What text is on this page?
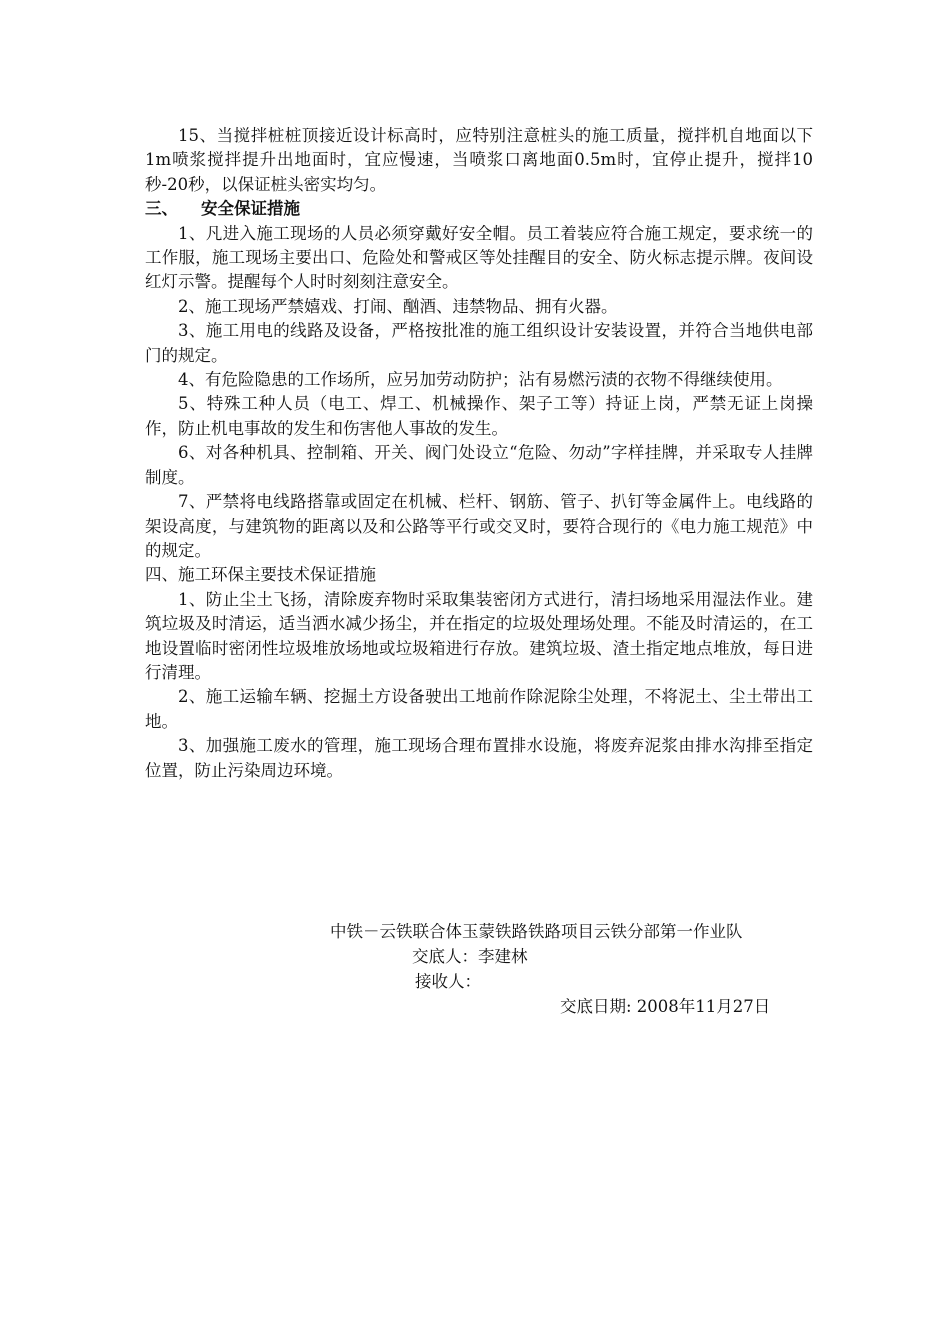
15、当搅拌桩桩顶接近设计标高时，应特别注意桩头的施工质量，搅拌机自地面以下1m喷浆搅拌提升出地面时，宜应慢速，当喷浆口离地面0.5m时，宜停止提升，搅拌10秒-20秒，以保证桩头密实均匀。

三、 安全保证措施

1、凡进入施工现场的人员必须穿戴好安全帽。员工着装应符合施工规定，要求统一的工作服，施工现场主要出口、危险处和警戒区等处挂醒目的安全、防火标志提示牌。夜间设红灯示警。提醒每个人时时刻刻注意安全。

2、施工现场严禁嬉戏、打闹、酗酒、违禁物品、拥有火器。

3、施工用电的线路及设备，严格按批准的施工组织设计安装设置，并符合当地供电部门的规定。

4、有危险隐患的工作场所，应另加劳动防护；沾有易燃污渍的衣物不得继续使用。

5、特殊工种人员（电工、焊工、机械操作、架子工等）持证上岗，严禁无证上岗操作，防止机电事故的发生和伤害他人事故的发生。

6、对各种机具、控制箱、开关、阀门处设立“危险、勿动”字样挂牌，并采取专人挂牌制度。

7、严禁将电线路搭靠或固定在机械、栏杆、钢筋、管子、扒钉等金属件上。电线路的架设高度，与建筑物的距离以及和公路等平行或交叉时，要符合现行的《电力施工规范》中的规定。

四、施工环保主要技术保证措施

1、防止尘土飞扬，清除废弃物时采取集装密闭方式进行，清扫场地采用湿法作业。建筑垃圾及时清运，适当洒水减少扬尘，并在指定的垃圾处理场处理。不能及时清运的，在工地设置临时密闭性垃圾堆放场地或垃圾箱进行存放。建筑垃圾、渣土指定地点堆放，每日进行清理。

2、施工运输车辆、挖掘土方设备驶出工地前作除泥除尘处理，不将泥土、尘土带出工地。

3、加强施工废水的管理，施工现场合理布置排水设施，将废弃泥浆由排水沟排至指定位置，防止污染周边环境。

中铁－云铁联合体玉蒙铁路铁路项目云铁分部第一作业队
交底人：李建林
接收人：
交底日期: 2008年11月27日
